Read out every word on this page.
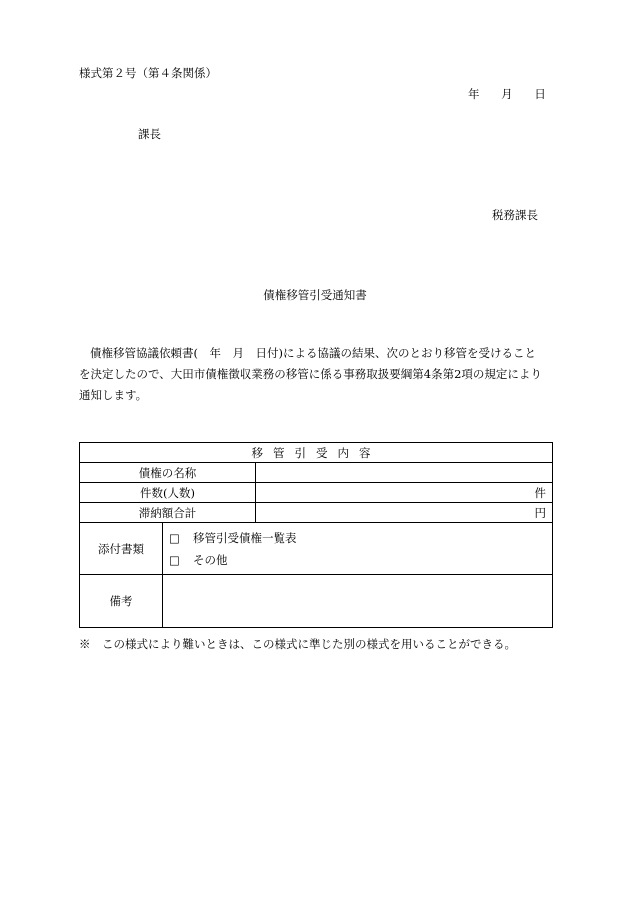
様式第２号（第４条関係）
年 月 日
課長
税務課長
債権移管引受通知書
債権移管協議依頼書(　年　月　日付)による協議の結果、次のとおり移管を受けること
を決定したので、大田市債権徴収業務の移管に係る事務取扱要綱第4条第2項の規定により
通知します。
移管引受内容		
債権の名称		
件数(人数)		件
滞納額合計		円
添付書類	□ 移管引受債権一覧表
□ その他	

備考		
※　この様式により難いときは、この様式に準じた別の様式を用いることができる。
